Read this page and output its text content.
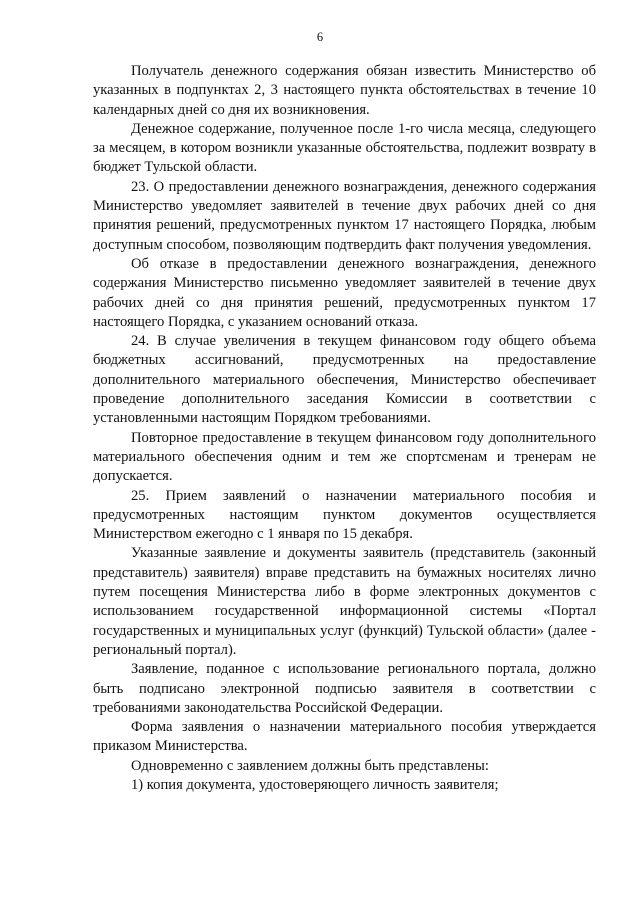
6

Получатель денежного содержания обязан известить Министерство об указанных в подпунктах 2, 3 настоящего пункта обстоятельствах в течение 10 календарных дней со дня их возникновения.

Денежное содержание, полученное после 1-го числа месяца, следующего за месяцем, в котором возникли указанные обстоятельства, подлежит возврату в бюджет Тульской области.

23. О предоставлении денежного вознаграждения, денежного содержания Министерство уведомляет заявителей в течение двух рабочих дней со дня принятия решений, предусмотренных пунктом 17 настоящего Порядка, любым доступным способом, позволяющим подтвердить факт получения уведомления.

Об отказе в предоставлении денежного вознаграждения, денежного содержания Министерство письменно уведомляет заявителей в течение двух рабочих дней со дня принятия решений, предусмотренных пунктом 17 настоящего Порядка, с указанием оснований отказа.

24. В случае увеличения в текущем финансовом году общего объема бюджетных ассигнований, предусмотренных на предоставление дополнительного материального обеспечения, Министерство обеспечивает проведение дополнительного заседания Комиссии в соответствии с установленными настоящим Порядком требованиями.

Повторное предоставление в текущем финансовом году дополнительного материального обеспечения одним и тем же спортсменам и тренерам не допускается.

25. Прием заявлений о назначении материального пособия и предусмотренных настоящим пунктом документов осуществляется Министерством ежегодно с 1 января по 15 декабря.

Указанные заявление и документы заявитель (представитель (законный представитель) заявителя) вправе представить на бумажных носителях лично путем посещения Министерства либо в форме электронных документов с использованием государственной информационной системы «Портал государственных и муниципальных услуг (функций) Тульской области» (далее - региональный портал).

Заявление, поданное с использование регионального портала, должно быть подписано электронной подписью заявителя в соответствии с требованиями законодательства Российской Федерации.

Форма заявления о назначении материального пособия утверждается приказом Министерства.

Одновременно с заявлением должны быть представлены:

1) копия документа, удостоверяющего личность заявителя;
